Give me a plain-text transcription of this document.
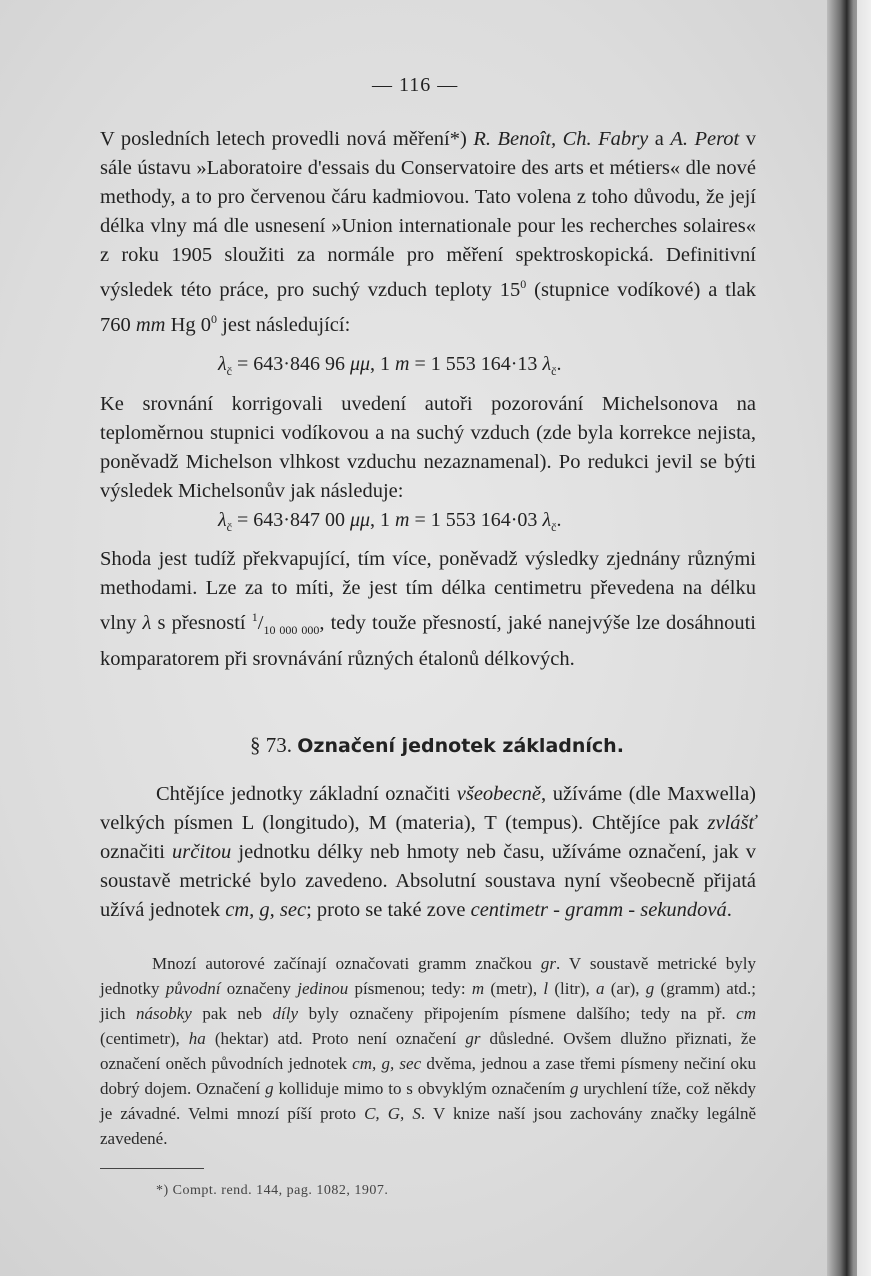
— 116 —
V posledních letech provedli nová měření*) R. Benoît, Ch. Fabry a A. Perot v sále ústavu »Laboratoire d'essais du Conservatoire des arts et métiers« dle nové methody, a to pro červenou čáru kadmiovou. Tato volena z toho důvodu, že její délka vlny má dle usnesení »Union internationale pour les recherches solaires« z roku 1905 sloužiti za normále pro měření spektroskopická. Definitivní výsledek této práce, pro suchý vzduch teploty $15^0$ (stupnice vodíkové) a tlak 760 mm Hg $0^0$ jest následující:
$\lambda_č = 643\cdot 846$ 96 μμ, 1 m = 1 553 164·13 $\lambda_č$.
Ke srovnání korrigovali uvedení autoři pozorování Michelsonova na teploměrnou stupnici vodíkovou a na suchý vzduch (zde byla korrekce nejista, poněvadž Michelson vlhkost vzduchu nezaznamenal). Po redukci jevil se býti výsledek Michelsonův jak následuje:
$\lambda_č = 643\cdot 847$ 00 μμ, 1 m = 1 553 164·03 $\lambda_č$.
Shoda jest tudíž překvapující, tím více, poněvadž výsledky zjednány různými methodami. Lze za to míti, že jest tím délka centimetru převedena na délku vlny λ s přesností $^1/_{10 000 000}$, tedy touže přesností, jaké nanejvýše lze dosáhnouti komparatorem při srovnávání různých étalonů délkových.
§ 73. Označení jednotek základních.
Chtějíce jednotky základní označiti všeobecně, užíváme (dle Maxwella) velkých písmen L (longitudo), M (materia), T (tempus). Chtějíce pak zvlášť označiti určitou jednotku délky neb hmoty neb času, užíváme označení, jak v soustavě metrické bylo zavedeno. Absolutní soustava nyní všeobecně přijatá užívá jednotek cm, g, sec; proto se také zove centimetr - gramm - sekundová.
Mnozí autorové začínají označovati gramm značkou gr. V soustavě metrické byly jednotky původní označeny jedinou písmenou; tedy: m (metr), l (litr), a (ar), g (gramm) atd.; jich násobky pak neb díly byly označeny připojením písmene dalšího; tedy na př. cm (centimetr), ha (hektar) atd. Proto není označení gr důsledné. Ovšem dlužno přiznati, že označení oněch původních jednotek cm, g, sec dvěma, jednou a zase třemi písmeny nečiní oku dobrý dojem. Označení g kolliduje mimo to s obvyklým označením g urychlení tíže, což někdy je závadné. Velmi mnozí píší proto C, G, S. V knize naší jsou zachovány značky legálně zavedené.
*) Compt. rend. 144, pag. 1082, 1907.
